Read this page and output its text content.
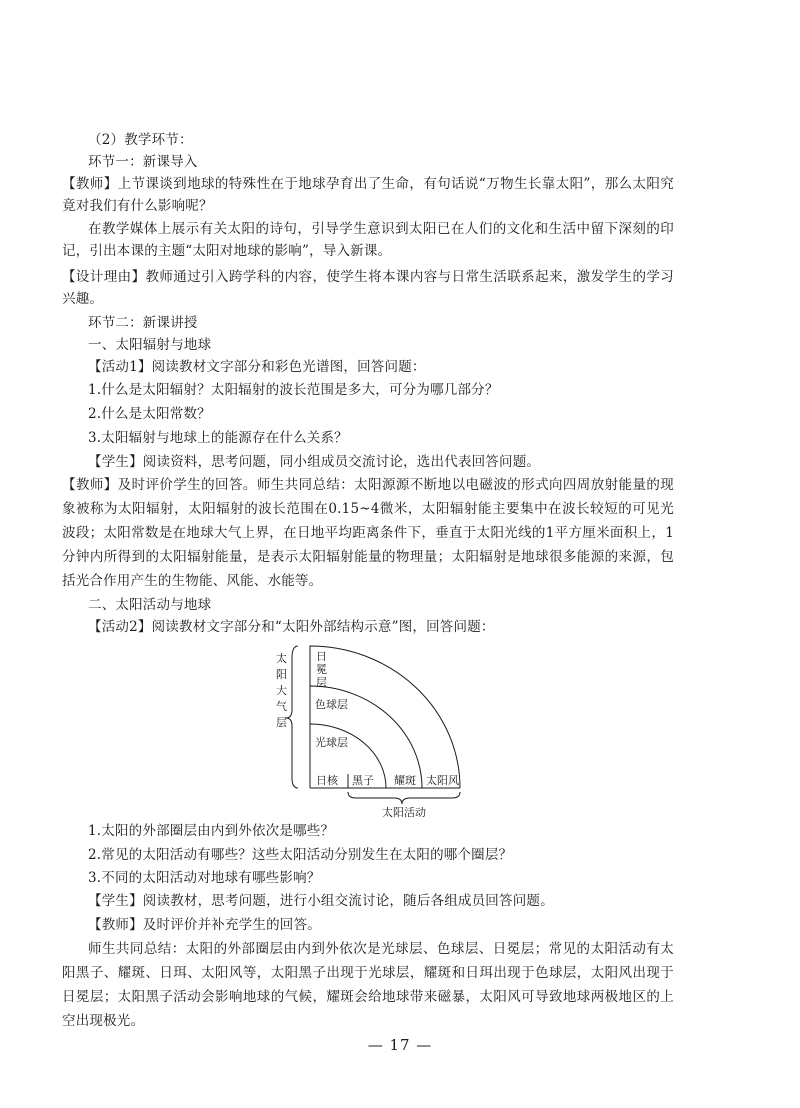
（2）教学环节：
环节一：新课导入
【教师】上节课谈到地球的特殊性在于地球孕育出了生命，有句话说“万物生长靠太阳”，那么太阳究竟对我们有什么影响呢？
在教学媒体上展示有关太阳的诗句，引导学生意识到太阳已在人们的文化和生活中留下深刻的印记，引出本课的主题“太阳对地球的影响”，导入新课。
【设计理由】教师通过引入跨学科的内容，使学生将本课内容与日常生活联系起来，激发学生的学习兴趣。
环节二：新课讲授
一、太阳辐射与地球
【活动1】阅读教材文字部分和彩色光谱图，回答问题：
1.什么是太阳辐射？太阳辐射的波长范围是多大，可分为哪几部分？
2.什么是太阳常数？
3.太阳辐射与地球上的能源存在什么关系？
【学生】阅读资料，思考问题，同小组成员交流讨论，选出代表回答问题。
【教师】及时评价学生的回答。师生共同总结：太阳源源不断地以电磁波的形式向四周放射能量的现象被称为太阳辐射，太阳辐射的波长范围在0.15~4微米，太阳辐射能主要集中在波长较短的可见光波段；太阳常数是在地球大气上界，在日地平均距离条件下，垂直于太阳光线的1平方厘米面积上，1分钟内所得到的太阳辐射能量，是表示太阳辐射能量的物理量；太阳辐射是地球很多能源的来源，包括光合作用产生的生物能、风能、水能等。
二、太阳活动与地球
【活动2】阅读教材文字部分和“太阳外部结构示意”图，回答问题：
太
阳
大
气
层
日
冕
层
色球层
光球层
日核 黑子 耀斑 太阳风
太阳活动
1.太阳的外部圈层由内到外依次是哪些？
2.常见的太阳活动有哪些？这些太阳活动分别发生在太阳的哪个圈层？
3.不同的太阳活动对地球有哪些影响？
【学生】阅读教材，思考问题，进行小组交流讨论，随后各组成员回答问题。
【教师】及时评价并补充学生的回答。
师生共同总结：太阳的外部圈层由内到外依次是光球层、色球层、日冕层；常见的太阳活动有太阳黑子、耀斑、日珥、太阳风等，太阳黑子出现于光球层，耀斑和日珥出现于色球层，太阳风出现于日冕层；太阳黑子活动会影响地球的气候，耀斑会给地球带来磁暴，太阳风可导致地球两极地区的上空出现极光。
— 17 —
